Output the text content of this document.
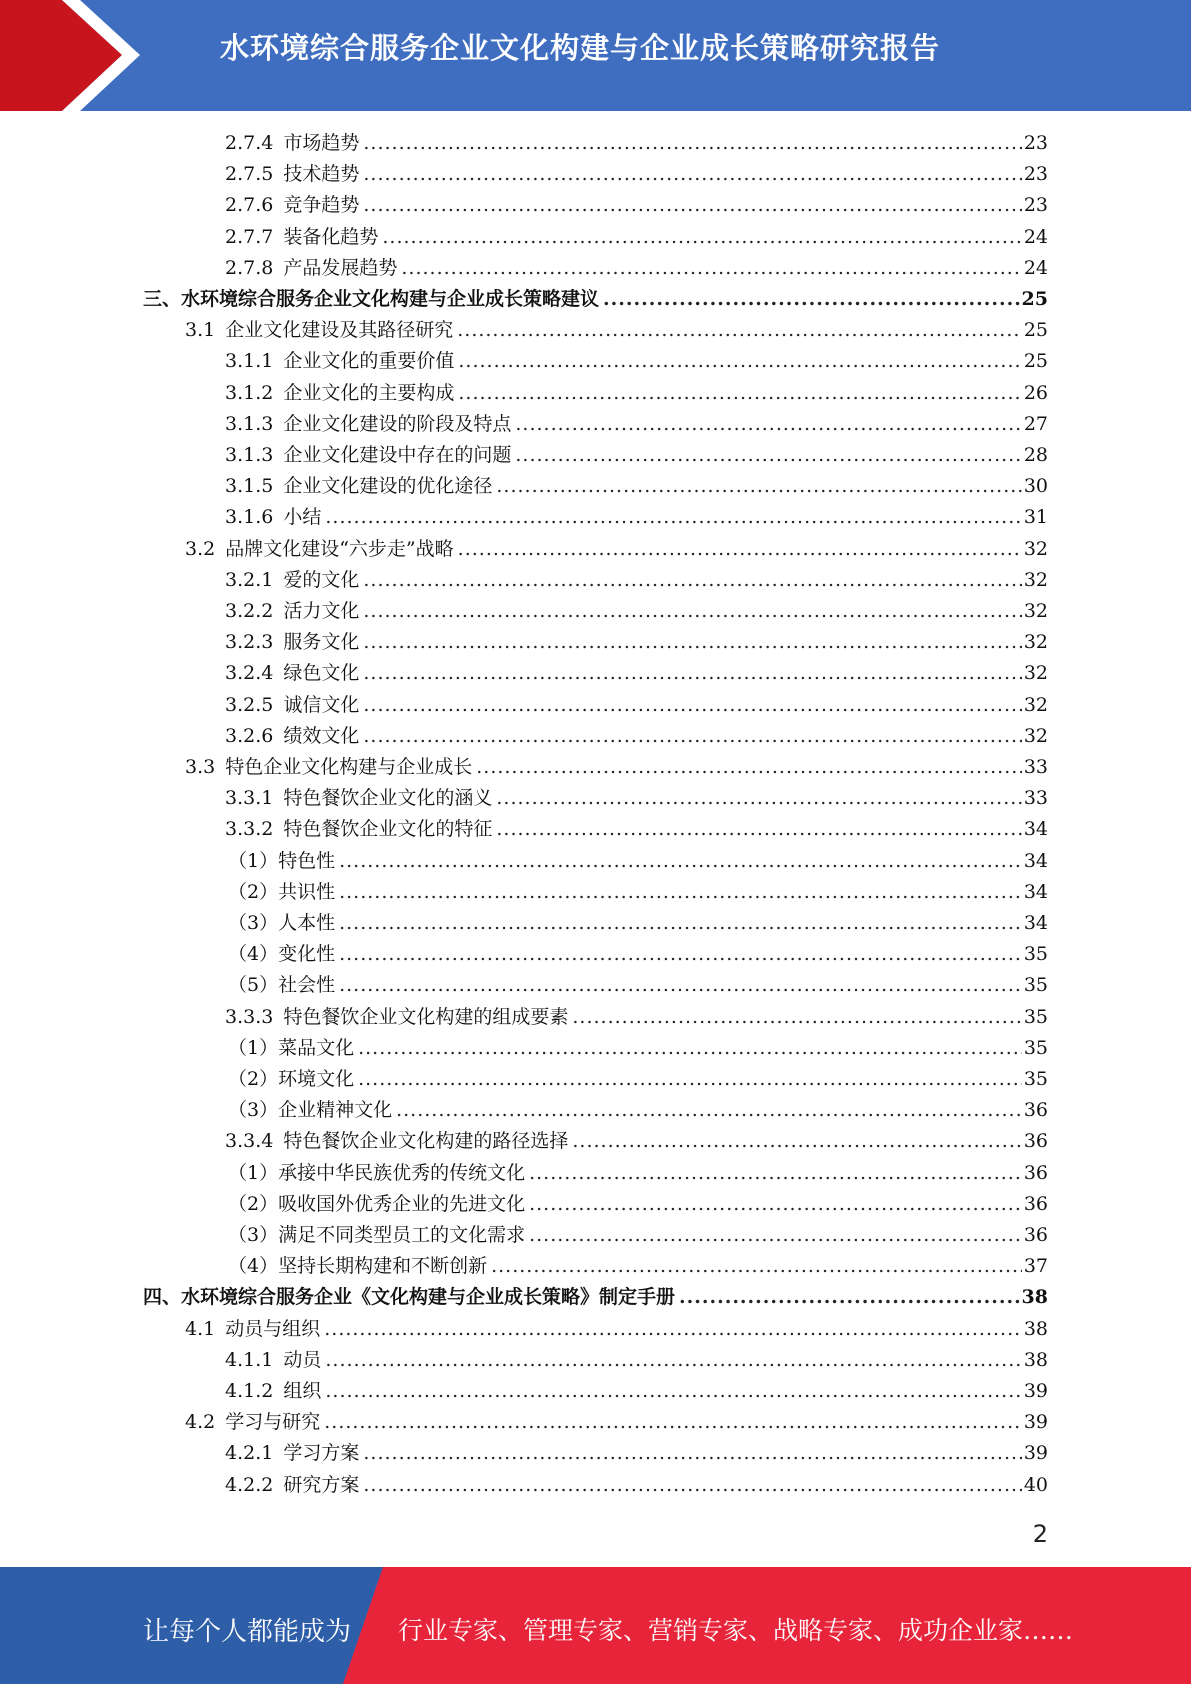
水环境综合服务企业文化构建与企业成长策略研究报告
2.7.4 市场趋势 .....	23
2.7.5 技术趋势 .....	23
2.7.6 竞争趋势 .....	23
2.7.7 装备化趋势 .....	24
2.7.8 产品发展趋势 .....	24
三、水环境综合服务企业文化构建与企业成长策略建议 .....	25
3.1 企业文化建设及其路径研究 .....	25
3.1.1 企业文化的重要价值 .....	25
3.1.2 企业文化的主要构成 .....	26
3.1.3 企业文化建设的阶段及特点 .....	27
3.1.3 企业文化建设中存在的问题 .....	28
3.1.5 企业文化建设的优化途径 .....	30
3.1.6 小结 .....	31
3.2 品牌文化建设“六步走”战略 .....	32
3.2.1 爱的文化 .....	32
3.2.2 活力文化 .....	32
3.2.3 服务文化 .....	32
3.2.4 绿色文化 .....	32
3.2.5 诚信文化 .....	32
3.2.6 绩效文化 .....	32
3.3 特色企业文化构建与企业成长 .....	33
3.3.1 特色餐饮企业文化的涵义 .....	33
3.3.2 特色餐饮企业文化的特征 .....	34
（1）特色性 .....	34
（2）共识性 .....	34
（3）人本性 .....	34
（4）变化性 .....	35
（5）社会性 .....	35
3.3.3 特色餐饮企业文化构建的组成要素 .....	35
（1）菜品文化 .....	35
（2）环境文化 .....	35
（3）企业精神文化 .....	36
3.3.4 特色餐饮企业文化构建的路径选择 .....	36
（1）承接中华民族优秀的传统文化 .....	36
（2）吸收国外优秀企业的先进文化 .....	36
（3）满足不同类型员工的文化需求 .....	36
（4）坚持长期构建和不断创新 .....	37
四、水环境综合服务企业《文化构建与企业成长策略》制定手册 .....	38
4.1 动员与组织 .....	38
4.1.1 动员 .....	38
4.1.2 组织 .....	39
4.2 学习与研究 .....	39
4.2.1 学习方案 .....	39
4.2.2 研究方案 .....	40
2
让每个人都能成为 行业专家、管理专家、营销专家、战略专家、成功企业家……
